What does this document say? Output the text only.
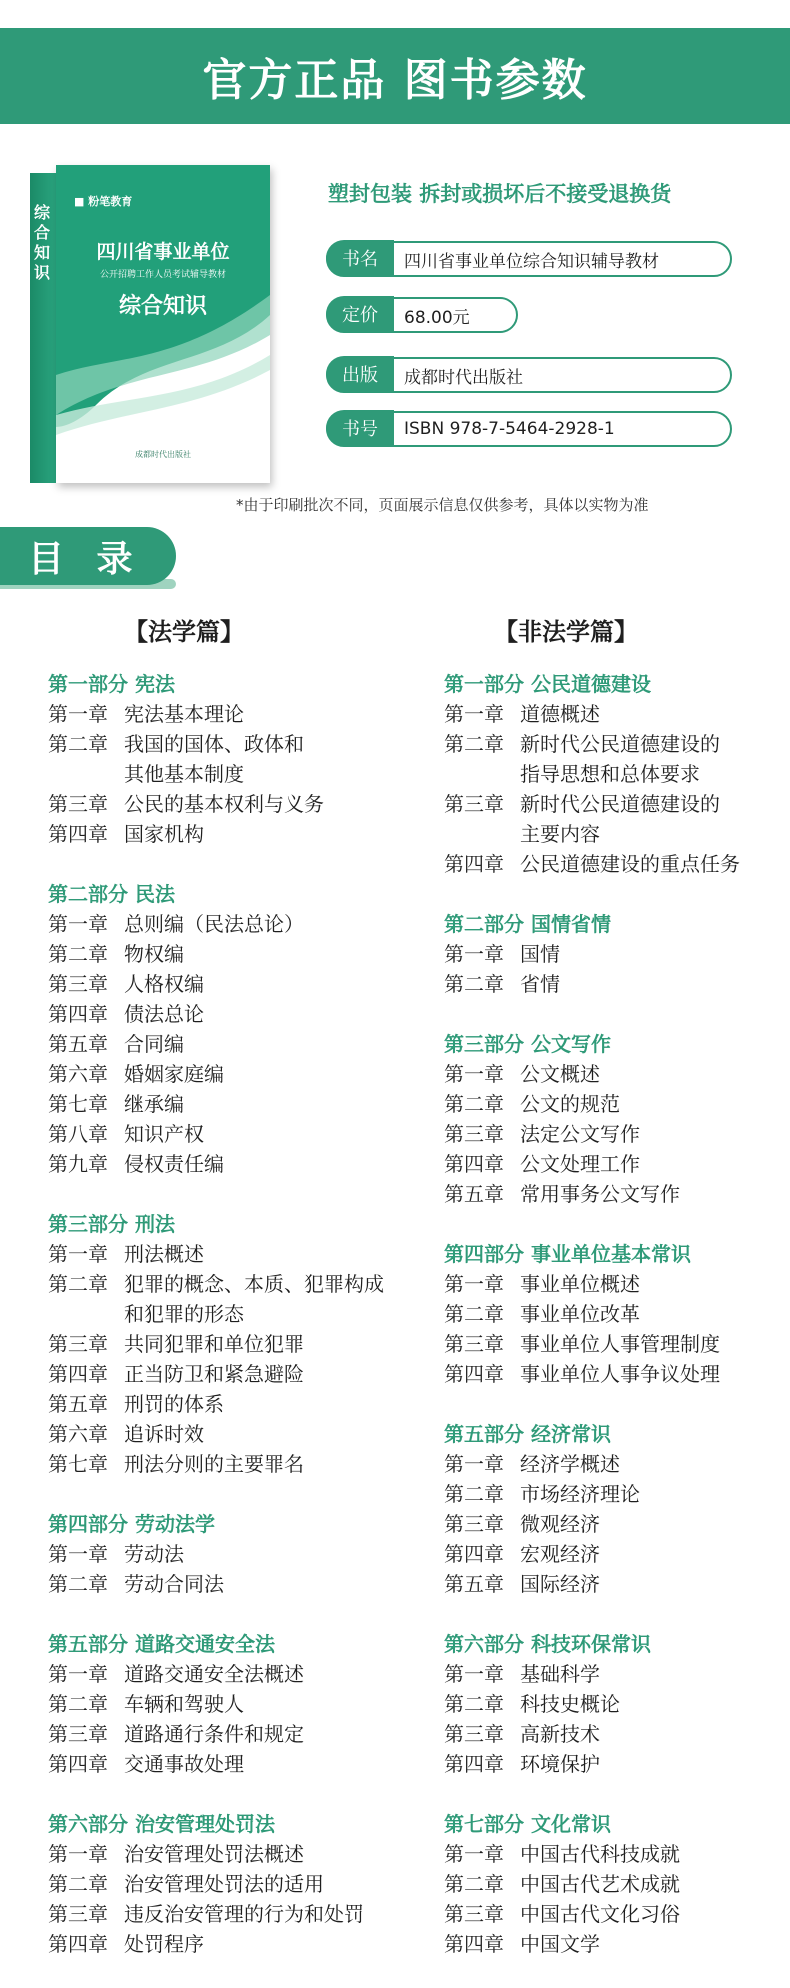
官方正品 图书参数
综合知识
■ 粉笔教育
四川省事业单位
公开招聘工作人员考试辅导教材
综合知识
成都时代出版社
塑封包装 拆封或损坏后不接受退换货
书名	四川省事业单位综合知识辅导教材
定价	68.00元
出版	成都时代出版社
书号	ISBN 978-7-5464-2928-1
*由于印刷批次不同，页面展示信息仅供参考，具体以实物为准
目 录
【法学篇】
第一部分 宪法
第一章 宪法基本理论
第二章 我国的国体、政体和
其他基本制度
第三章 公民的基本权利与义务
第四章 国家机构
第二部分 民法
第一章 总则编（民法总论）
第二章 物权编
第三章 人格权编
第四章 债法总论
第五章 合同编
第六章 婚姻家庭编
第七章 继承编
第八章 知识产权
第九章 侵权责任编
第三部分 刑法
第一章 刑法概述
第二章 犯罪的概念、本质、犯罪构成
和犯罪的形态
第三章 共同犯罪和单位犯罪
第四章 正当防卫和紧急避险
第五章 刑罚的体系
第六章 追诉时效
第七章 刑法分则的主要罪名
第四部分 劳动法学
第一章 劳动法
第二章 劳动合同法
第五部分 道路交通安全法
第一章 道路交通安全法概述
第二章 车辆和驾驶人
第三章 道路通行条件和规定
第四章 交通事故处理
第六部分 治安管理处罚法
第一章 治安管理处罚法概述
第二章 治安管理处罚法的适用
第三章 违反治安管理的行为和处罚
第四章 处罚程序
【非法学篇】
第一部分 公民道德建设
第一章 道德概述
第二章 新时代公民道德建设的
指导思想和总体要求
第三章 新时代公民道德建设的
主要内容
第四章 公民道德建设的重点任务
第二部分 国情省情
第一章 国情
第二章 省情
第三部分 公文写作
第一章 公文概述
第二章 公文的规范
第三章 法定公文写作
第四章 公文处理工作
第五章 常用事务公文写作
第四部分 事业单位基本常识
第一章 事业单位概述
第二章 事业单位改革
第三章 事业单位人事管理制度
第四章 事业单位人事争议处理
第五部分 经济常识
第一章 经济学概述
第二章 市场经济理论
第三章 微观经济
第四章 宏观经济
第五章 国际经济
第六部分 科技环保常识
第一章 基础科学
第二章 科技史概论
第三章 高新技术
第四章 环境保护
第七部分 文化常识
第一章 中国古代科技成就
第二章 中国古代艺术成就
第三章 中国古代文化习俗
第四章 中国文学
